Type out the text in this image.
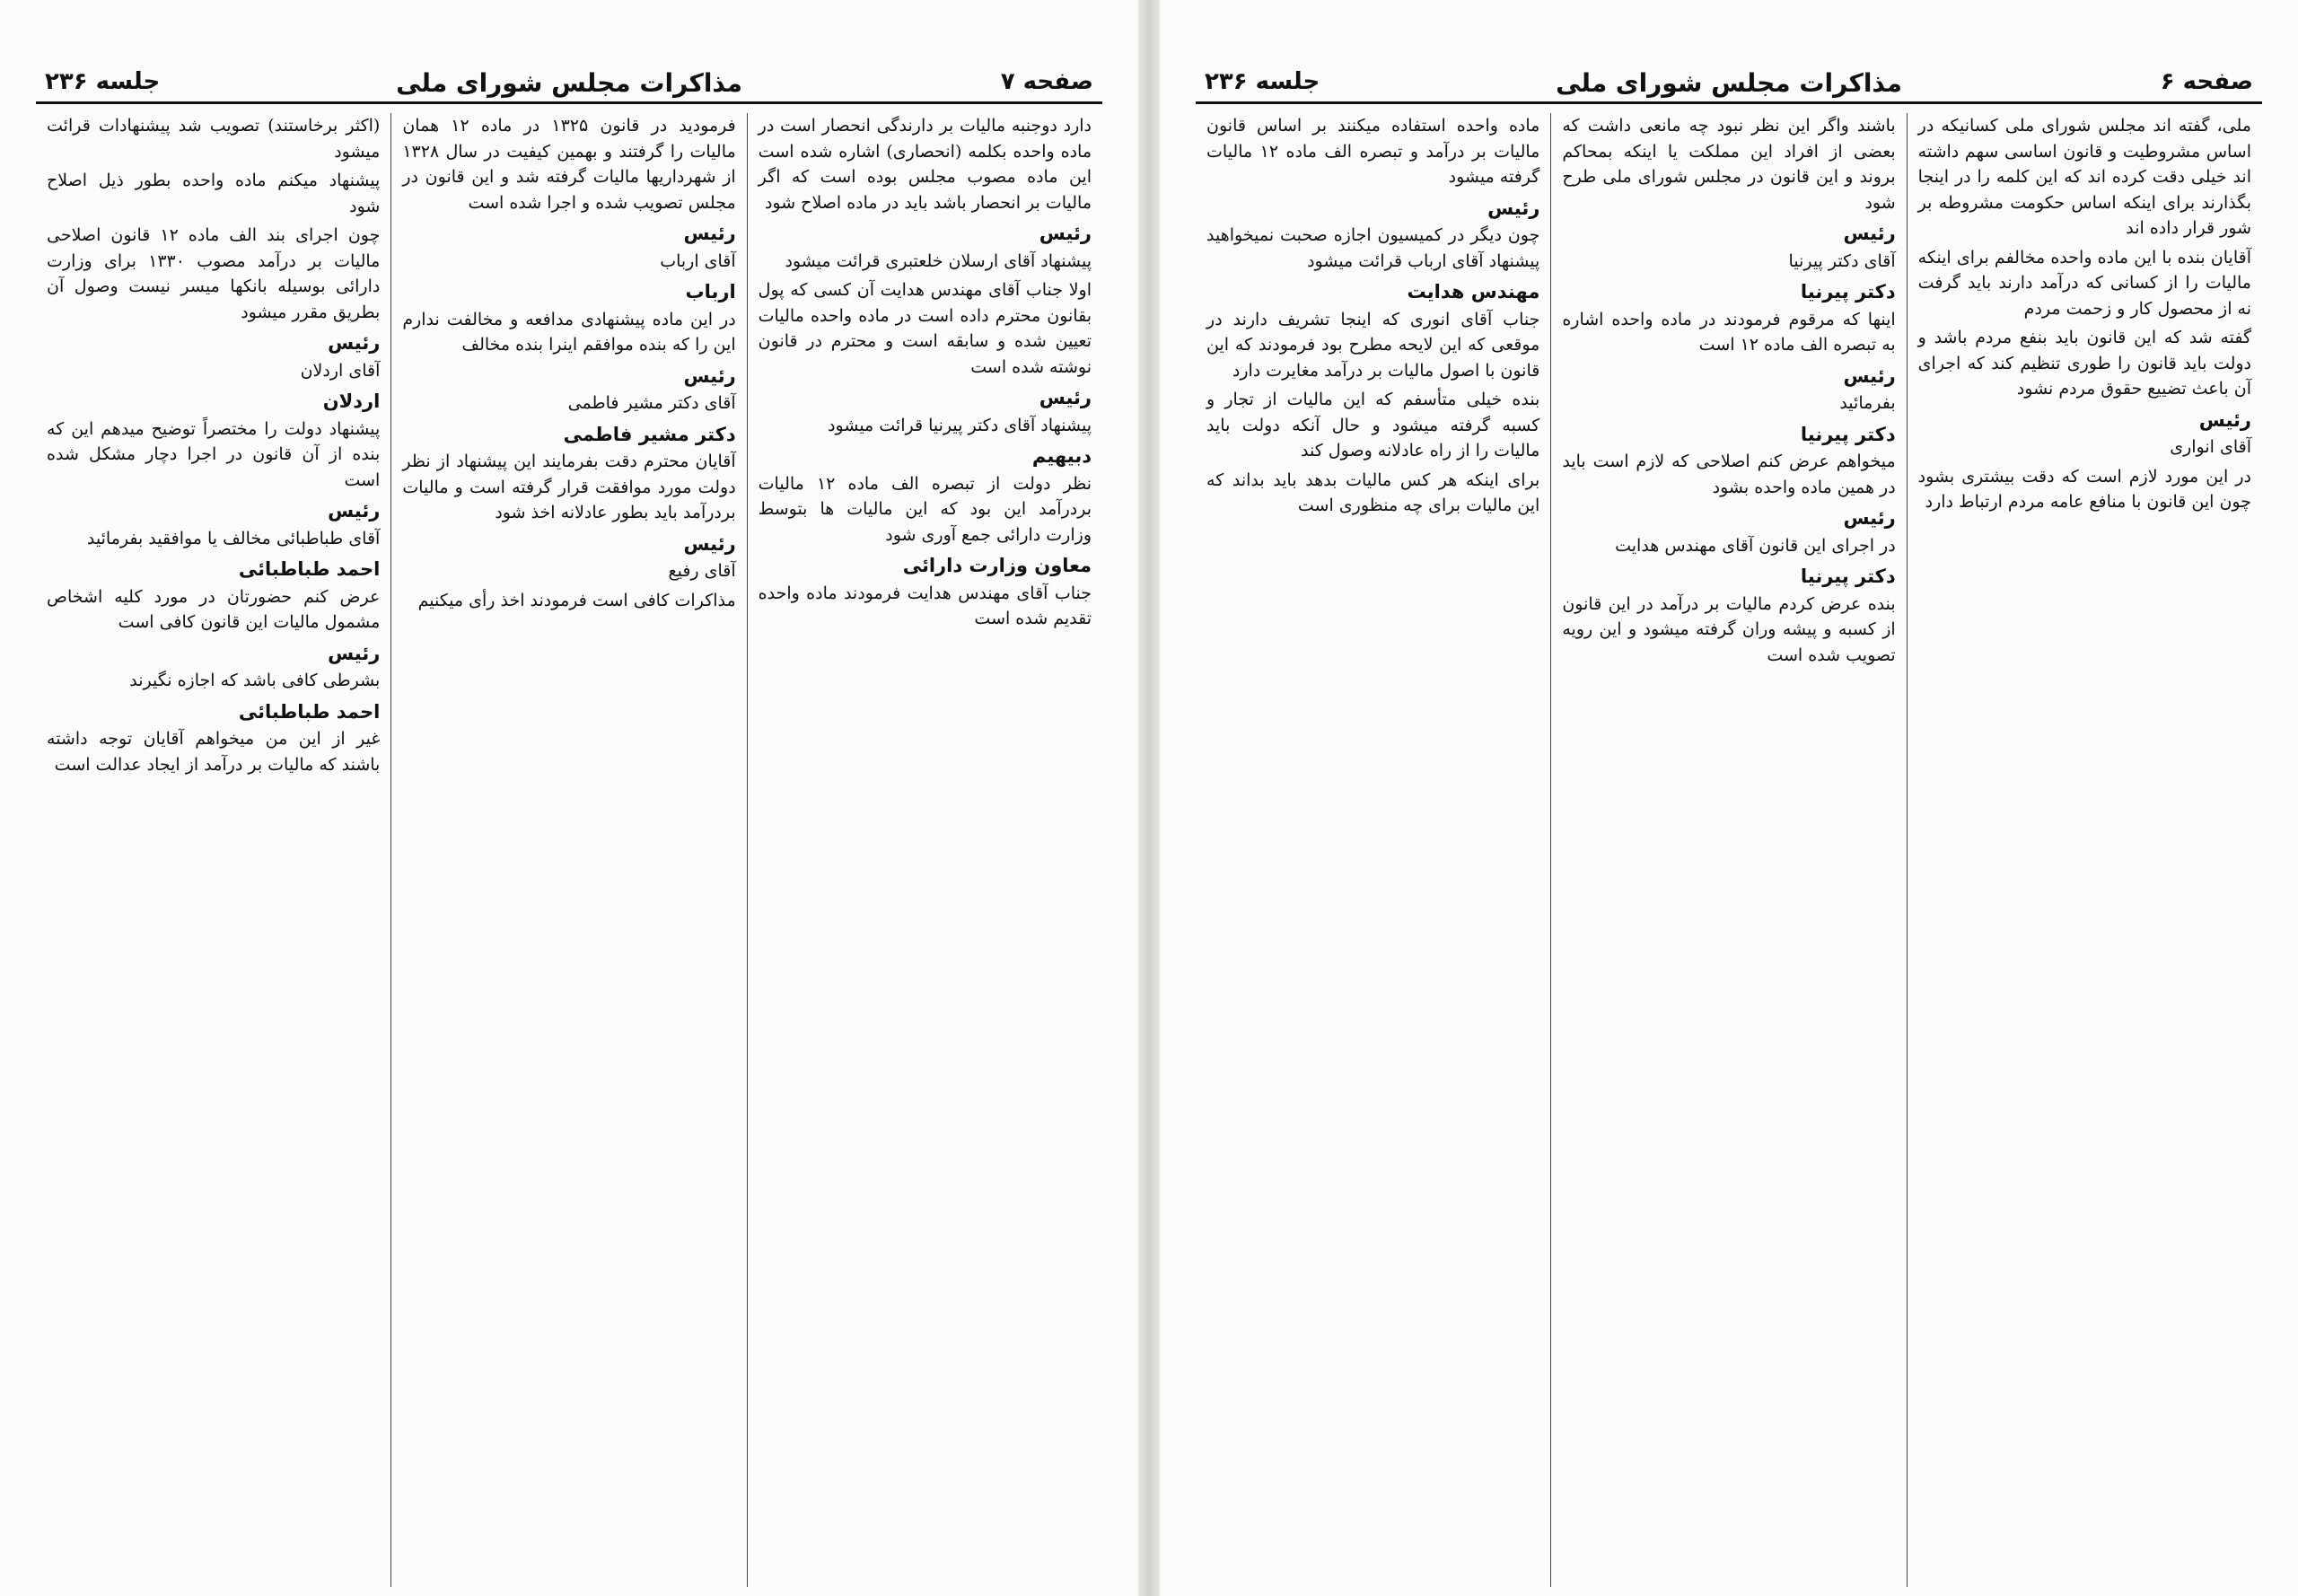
صفحه ۷
مذاکرات مجلس شورای ملی
جلسه ۲۳۶

دارد دوجنبه مالیات بر دارندگی انحصار است در ماده واحده بکلمه (انحصاری) اشاره شده است این ماده مصوب مجلس بوده است که اگر مالیات بر انحصار باشد باید در ماده اصلاح شود

رئیس
پیشنهاد آقای ارسلان خلعتبری قرائت میشود

اولا جناب آقای مهندس هدایت آن کسی که پول بقانون محترم داده است در ماده واحده مالیات تعیین شده و سابقه است و محترم در قانون نوشته شده است

رئیس
پیشنهاد آقای دکتر پیرنیا قرائت میشود

دبیهیم
نظر دولت از تبصره الف ماده ۱۲ مالیات بردرآمد این بود که این مالیات ها بتوسط وزارت دارائی جمع آوری شود

معاون وزارت دارائی
جناب آقای مهندس هدایت فرمودند ماده واحده تقدیم شده است

فرمودید در قانون ۱۳۲۵ در ماده ۱۲ همان مالیات را گرفتند و بهمین کیفیت در سال ۱۳۲۸ از شهرداریها مالیات گرفته شد و این قانون در مجلس تصویب شده و اجرا شده است

رئیس
آقای ارباب

ارباب
در این ماده پیشنهادی مدافعه و مخالفت ندارم این را که بنده موافقم اینرا بنده مخالف

رئیس
آقای دکتر مشیر فاطمی

دکتر مشیر فاطمی
آقایان محترم دقت بفرمایند این پیشنهاد از نظر دولت مورد موافقت قرار گرفته است و مالیات بردرآمد باید بطور عادلانه اخذ شود

رئیس
آقای رفیع

مذاکرات کافی است فرمودند اخذ رأی میکنیم

(اکثر برخاستند) تصویب شد پیشنهادات قرائت میشود

پیشنهاد میکنم ماده واحده بطور ذیل اصلاح شود

چون اجرای بند الف ماده ۱۲ قانون اصلاحی مالیات بر درآمد مصوب ۱۳۳۰ برای وزارت دارائی بوسیله بانکها میسر نیست وصول آن بطریق مقرر میشود

رئیس
آقای اردلان

اردلان
پیشنهاد دولت را مختصراً توضیح میدهم این که بنده از آن قانون در اجرا دچار مشکل شده است

رئیس
آقای طباطبائی مخالف یا موافقید بفرمائید

احمد طباطبائی
عرض کنم حضورتان در مورد کلیه اشخاص مشمول مالیات این قانون کافی است

رئیس
بشرطی کافی باشد که اجازه نگیرند

احمد طباطبائی
غیر از این من میخواهم آقایان توجه داشته باشند که مالیات بر درآمد از ایجاد عدالت است

صفحه ۶
مذاکرات مجلس شورای ملی
جلسه ۲۳۶

ملی، گفته اند مجلس شورای ملی کسانیکه در اساس مشروطیت و قانون اساسی سهم داشته اند خیلی دقت کرده اند که این کلمه را در اینجا بگذارند برای اینکه اساس حکومت مشروطه بر شور قرار داده اند

آقایان بنده با این ماده واحده مخالفم برای اینکه مالیات را از کسانی که درآمد دارند باید گرفت نه از محصول کار و زحمت مردم

گفته شد که این قانون باید بنفع مردم باشد و دولت باید قانون را طوری تنظیم کند که اجرای آن باعث تضییع حقوق مردم نشود

رئیس
آقای انواری

در این مورد لازم است که دقت بیشتری بشود چون این قانون با منافع عامه مردم ارتباط دارد

باشند واگر این نظر نبود چه مانعی داشت که بعضی از افراد این مملکت یا اینکه بمحاکم بروند و این قانون در مجلس شورای ملی طرح شود

رئیس
آقای دکتر پیرنیا

دکتر پیرنیا
اینها که مرقوم فرمودند در ماده واحده اشاره به تبصره الف ماده ۱۲ است

رئیس
بفرمائید

دکتر پیرنیا
میخواهم عرض کنم اصلاحی که لازم است باید در همین ماده واحده بشود

رئیس
در اجرای این قانون آقای مهندس هدایت

دکتر پیرنیا
بنده عرض کردم مالیات بر درآمد در این قانون از کسبه و پیشه وران گرفته میشود و این رویه تصویب شده است

ماده واحده استفاده میکنند بر اساس قانون مالیات بر درآمد و تبصره الف ماده ۱۲ مالیات گرفته میشود

رئیس
چون دیگر در کمیسیون اجازه صحبت نمیخواهید پیشنهاد آقای ارباب قرائت میشود

مهندس هدایت
جناب آقای انوری که اینجا تشریف دارند در موقعی که این لایحه مطرح بود فرمودند که این قانون با اصول مالیات بر درآمد مغایرت دارد

بنده خیلی متأسفم که این مالیات از تجار و کسبه گرفته میشود و حال آنکه دولت باید مالیات را از راه عادلانه وصول کند

برای اینکه هر کس مالیات بدهد باید بداند که این مالیات برای چه منظوری است
